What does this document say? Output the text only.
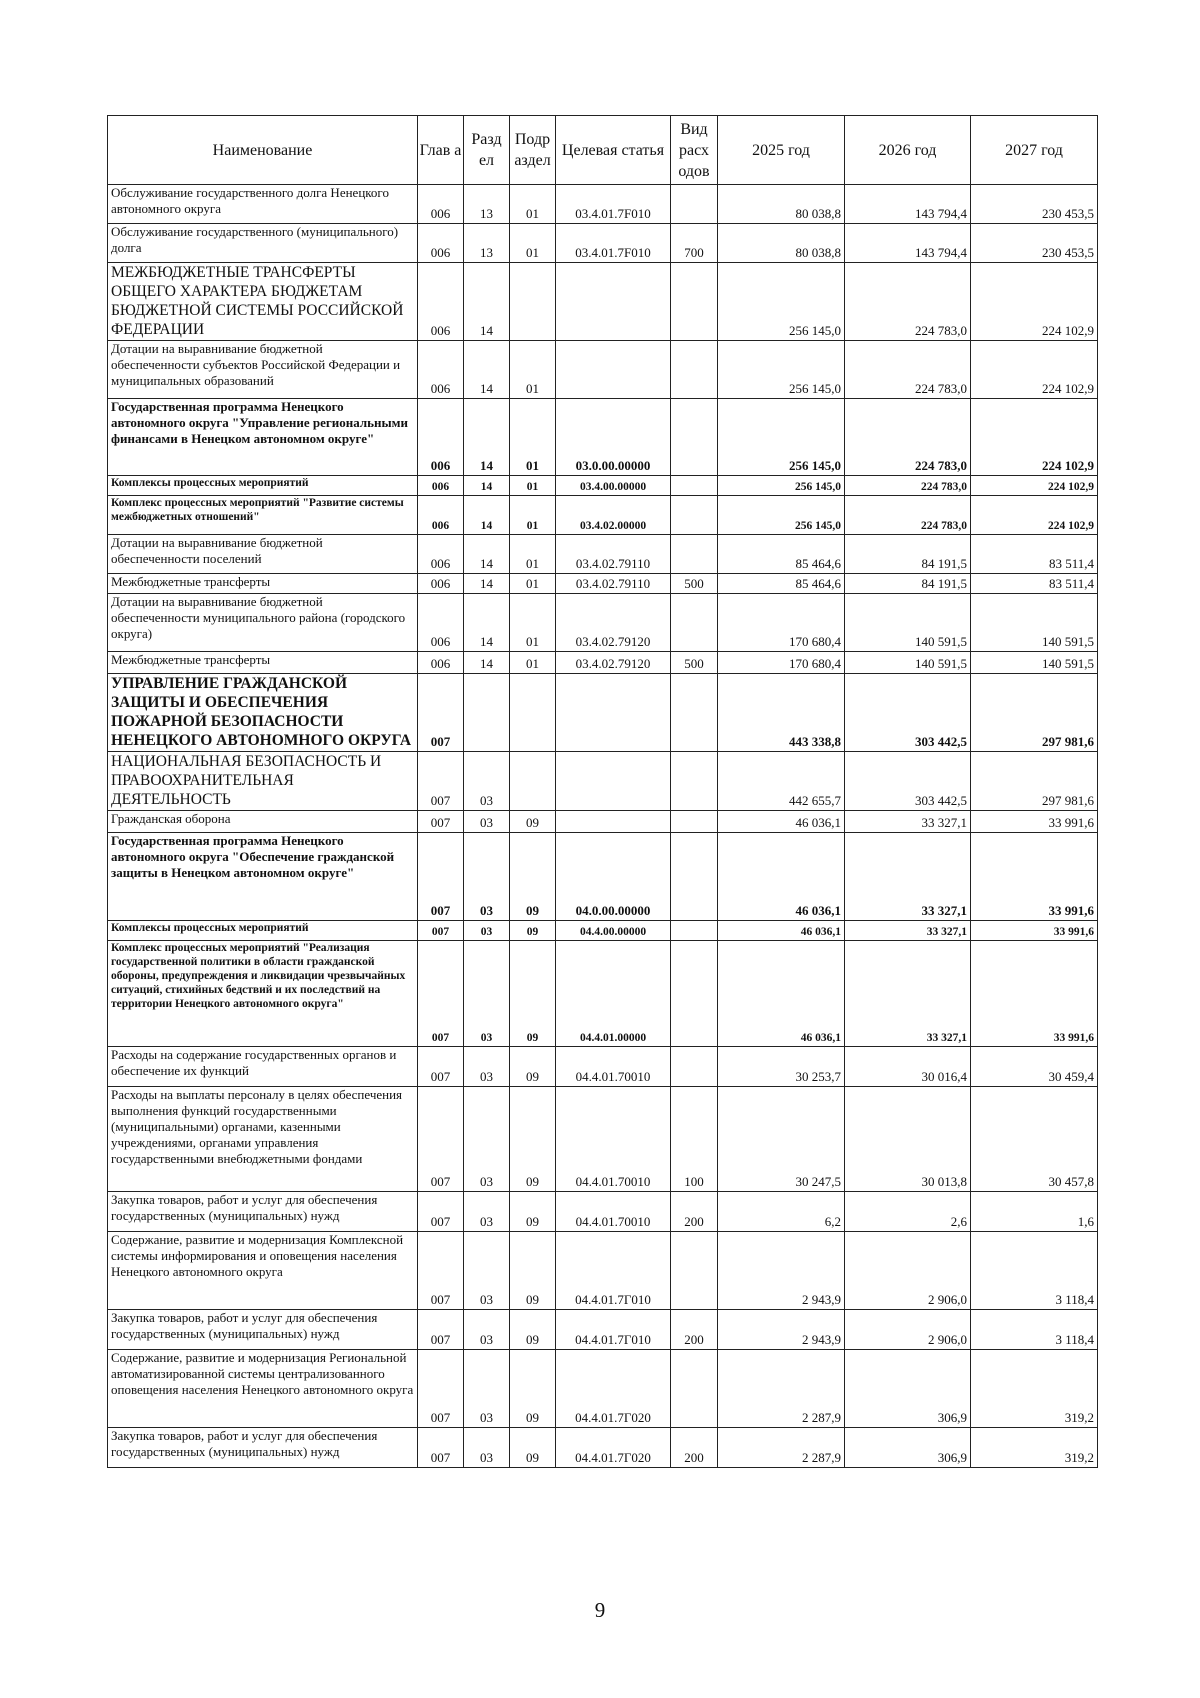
Наименование	Глав а	Разд ел	Подр аздел	Целевая статья	Вид расх одов	2025 год	2026 год	2027 год
Обслуживание государственного долга Ненецкого автономного округа	006	13	01	03.4.01.7F010		80 038,8	143 794,4	230 453,5
Обслуживание государственного (муниципального) долга	006	13	01	03.4.01.7F010	700	80 038,8	143 794,4	230 453,5
МЕЖБЮДЖЕТНЫЕ ТРАНСФЕРТЫ ОБЩЕГО ХАРАКТЕРА БЮДЖЕТАМ БЮДЖЕТНОЙ СИСТЕМЫ РОССИЙСКОЙ ФЕДЕРАЦИИ	006	14				256 145,0	224 783,0	224 102,9
Дотации на выравнивание бюджетной обеспеченности субъектов Российской Федерации и муниципальных образований	006	14	01			256 145,0	224 783,0	224 102,9
Государственная программа Ненецкого автономного округа "Управление региональными финансами в Ненецком автономном округе"	006	14	01	03.0.00.00000		256 145,0	224 783,0	224 102,9
Комплексы процессных мероприятий	006	14	01	03.4.00.00000		256 145,0	224 783,0	224 102,9
Комплекс процессных мероприятий "Развитие системы межбюджетных отношений"	006	14	01	03.4.02.00000		256 145,0	224 783,0	224 102,9
Дотации на выравнивание бюджетной обеспеченности поселений	006	14	01	03.4.02.79110		85 464,6	84 191,5	83 511,4
Межбюджетные трансферты	006	14	01	03.4.02.79110	500	85 464,6	84 191,5	83 511,4
Дотации на выравнивание бюджетной обеспеченности муниципального района (городского округа)	006	14	01	03.4.02.79120		170 680,4	140 591,5	140 591,5
Межбюджетные трансферты	006	14	01	03.4.02.79120	500	170 680,4	140 591,5	140 591,5
УПРАВЛЕНИЕ ГРАЖДАНСКОЙ ЗАЩИТЫ И ОБЕСПЕЧЕНИЯ ПОЖАРНОЙ БЕЗОПАСНОСТИ НЕНЕЦКОГО АВТОНОМНОГО ОКРУГА	007					443 338,8	303 442,5	297 981,6
НАЦИОНАЛЬНАЯ БЕЗОПАСНОСТЬ И ПРАВООХРАНИТЕЛЬНАЯ ДЕЯТЕЛЬНОСТЬ	007	03				442 655,7	303 442,5	297 981,6
Гражданская оборона	007	03	09			46 036,1	33 327,1	33 991,6
Государственная программа Ненецкого автономного округа "Обеспечение гражданской защиты в Ненецком автономном округе"	007	03	09	04.0.00.00000		46 036,1	33 327,1	33 991,6
Комплексы процессных мероприятий	007	03	09	04.4.00.00000		46 036,1	33 327,1	33 991,6
Комплекс процессных мероприятий "Реализация государственной политики в области гражданской обороны, предупреждения и ликвидации чрезвычайных ситуаций, стихийных бедствий и их последствий на территории Ненецкого автономного округа"	007	03	09	04.4.01.00000		46 036,1	33 327,1	33 991,6
Расходы на содержание государственных органов и обеспечение их функций	007	03	09	04.4.01.70010		30 253,7	30 016,4	30 459,4
Расходы на выплаты персоналу в целях обеспечения выполнения функций государственными (муниципальными) органами, казенными учреждениями, органами управления государственными внебюджетными фондами	007	03	09	04.4.01.70010	100	30 247,5	30 013,8	30 457,8
Закупка товаров, работ и услуг для обеспечения государственных (муниципальных) нужд	007	03	09	04.4.01.70010	200	6,2	2,6	1,6
Содержание, развитие и модернизация Комплексной системы информирования и оповещения населения Ненецкого автономного округа	007	03	09	04.4.01.7Г010		2 943,9	2 906,0	3 118,4
Закупка товаров, работ и услуг для обеспечения государственных (муниципальных) нужд	007	03	09	04.4.01.7Г010	200	2 943,9	2 906,0	3 118,4
Содержание, развитие и модернизация Региональной автоматизированной системы централизованного оповещения населения Ненецкого автономного округа	007	03	09	04.4.01.7Г020		2 287,9	306,9	319,2
Закупка товаров, работ и услуг для обеспечения государственных (муниципальных) нужд	007	03	09	04.4.01.7Г020	200	2 287,9	306,9	319,2
9
